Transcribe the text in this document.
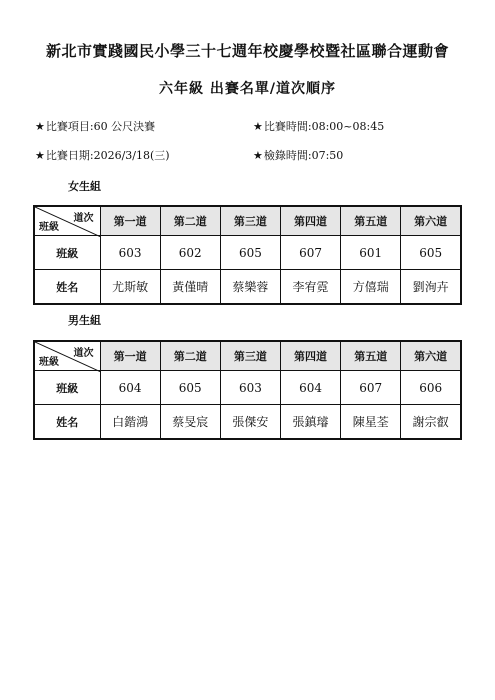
新北市實踐國民小學三十七週年校慶學校暨社區聯合運動會
六年級 出賽名單/道次順序
★比賽項目:60 公尺決賽	★比賽時間:08:00~08:45
★比賽日期:2026/3/18(三)	★檢錄時間:07:50
女生組
道次
班級	第一道	第二道	第三道	第四道	第五道	第六道
班級	603	602	605	607	601	605
姓名	尤斯敏	黃僅晴	蔡樂蓉	李宥霓	方僖瑞	劉洵卉
男生組
道次
班級	第一道	第二道	第三道	第四道	第五道	第六道
班級	604	605	603	604	607	606
姓名	白鍇鴻	蔡旻宸	張傑安	張鎮璿	陳星荃	謝宗叡
